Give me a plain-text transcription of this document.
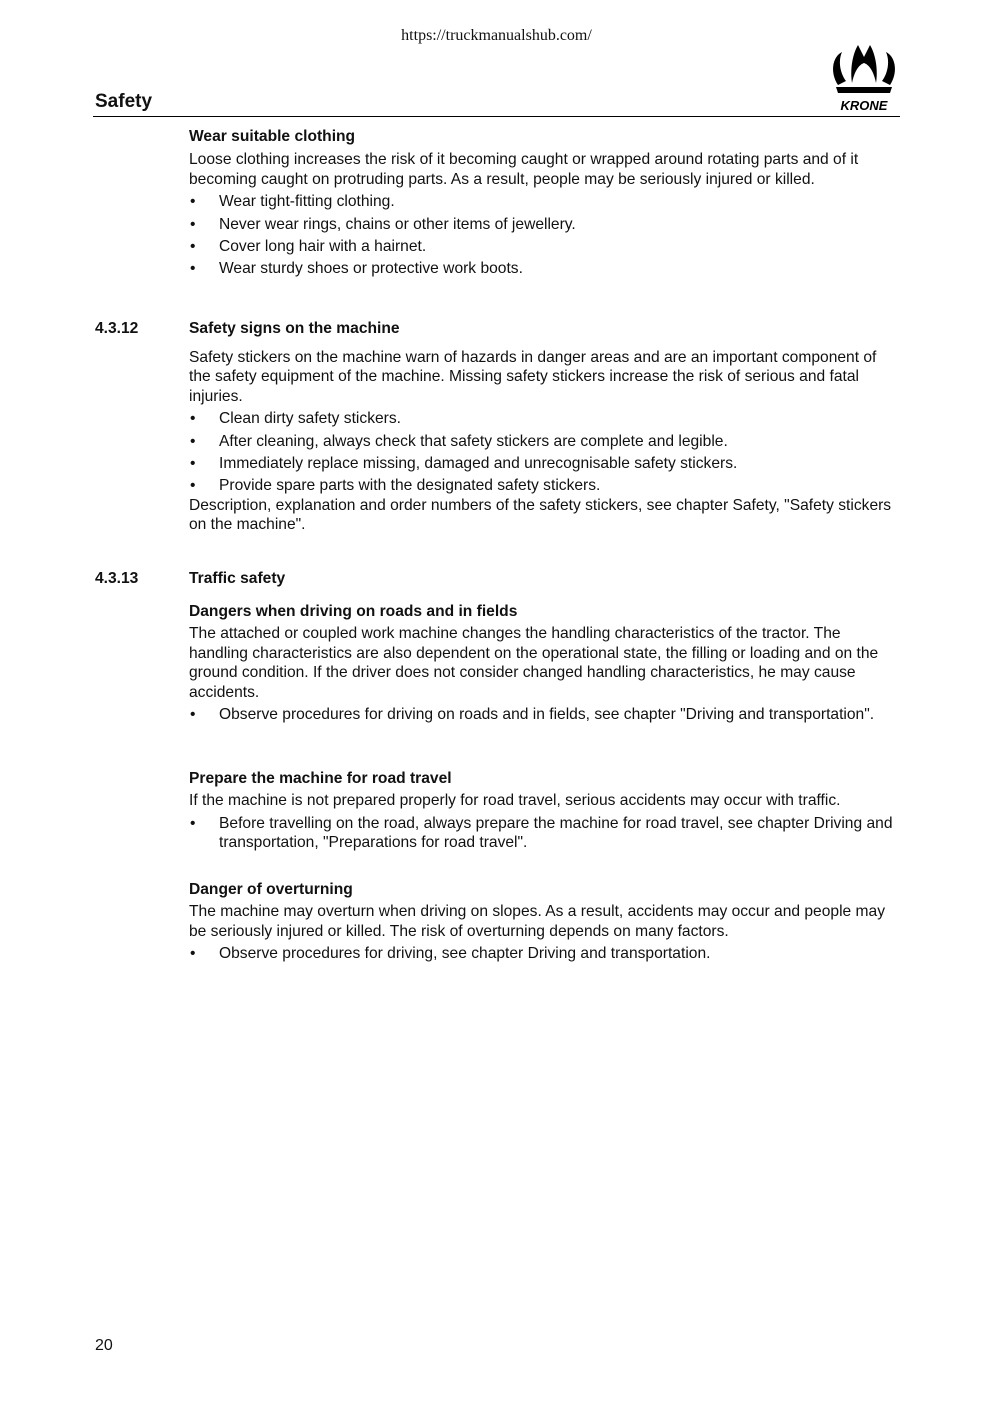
https://truckmanualshub.com/
Safety	KRONE

Wear suitable clothing

Loose clothing increases the risk of it becoming caught or wrapped around rotating parts and of it becoming caught on protruding parts. As a result, people may be seriously injured or killed.

• Wear tight-fitting clothing.
• Never wear rings, chains or other items of jewellery.
• Cover long hair with a hairnet.
• Wear sturdy shoes or protective work boots.
4.3.12	Safety signs on the machine

Safety stickers on the machine warn of hazards in danger areas and are an important component of the safety equipment of the machine. Missing safety stickers increase the risk of serious and fatal injuries.

• Clean dirty safety stickers.
• After cleaning, always check that safety stickers are complete and legible.
• Immediately replace missing, damaged and unrecognisable safety stickers.
• Provide spare parts with the designated safety stickers.

Description, explanation and order numbers of the safety stickers, see chapter Safety, "Safety stickers on the machine".

4.3.13	Traffic safety

Dangers when driving on roads and in fields

The attached or coupled work machine changes the handling characteristics of the tractor. The handling characteristics are also dependent on the operational state, the filling or loading and on the ground condition. If the driver does not consider changed handling characteristics, he may cause accidents.

• Observe procedures for driving on roads and in fields, see chapter "Driving and transportation".

Prepare the machine for road travel

If the machine is not prepared properly for road travel, serious accidents may occur with traffic.

• Before travelling on the road, always prepare the machine for road travel, see chapter Driving and transportation, "Preparations for road travel".

Danger of overturning

The machine may overturn when driving on slopes. As a result, accidents may occur and people may be seriously injured or killed. The risk of overturning depends on many factors.

• Observe procedures for driving, see chapter Driving and transportation.
20
